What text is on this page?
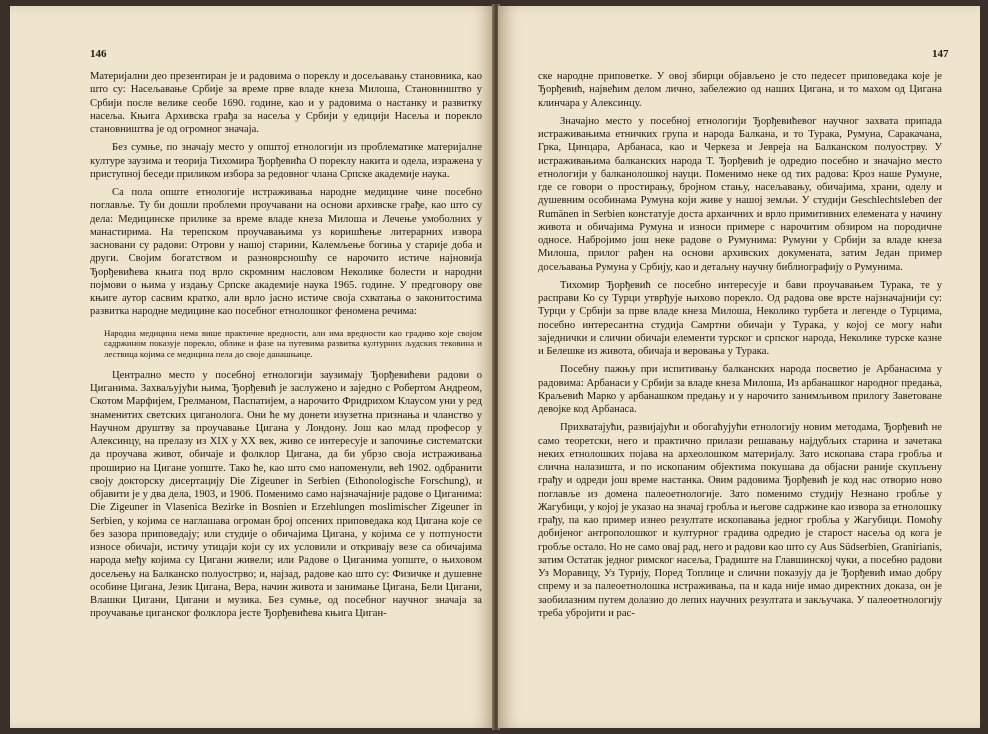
146

Материјални део презентиран је и радовима о пореклу и досељавању становника, као што су: Насељавање Србије за време прве владе кнеза Милоша, Становништво у Србији после велике сеобе 1690. године, као и у радовима о настанку и развитку насеља. Књига Архивска грађа за насеља у Србији у едицији Насеља и порекло становништва је од огромног значаја.

Без сумње, по значају место у општој етнологији из проблематике материјалне културе заузима и теорија Тихомира Ђорђевића О пореклу накита и одела, изражена у приступној беседи приликом избора за редовног члана Српске академије наука.

Са пола опште етнологије истраживања народне медицине чине посебно поглавље. Ту би дошли проблеми проучавани на основи архивске грађе, као што су дела: Медицинске прилике за време владе кнеза Милоша и Лечење умоболних у манастирима. На терепском проучавањима уз коришћење литерарних извора засновани су радови: Отрови у нашој старини, Калемљење богиња у старије доба и други. Својим богатством и разноврсношћу се нарочито истиче најновија Ђорђевићева књига под врло скромним насловом Неколике болести и народни појмови о њима у издању Српске академије наука 1965. године. У предговору ове књиге аутор сасвим кратко, али врло јасно истиче своја схватања о законитостима развитка народне медицине као посебног етнолошког феномена речима:

Народна медицина нема више практичне вредности, али има вредности као градиво које својом садржином показује порекло, облике и фазе на путевима развитка културних људских тековина и лествица којима се медицина пела до своје данашњице.

Централно место у посебној етнологији заузимају Ђорђевићеви радови о Циганима. Захваљујући њима, Ђорђевић је заслужено и заједно с Робертом Андреом, Скотом Марфијем, Грелманом, Паспатијем, а нарочито Фридрихом Клаусом уни у ред знаменитих светских циганолога. Они ће му донети изузетна признања и чланство у Научном друштву за проучавање Цигана у Лондону. Још као млад професор у Алексинцу, на прелазу из XIX у XX век, живо се интересује и започиње систематски да проучава живот, обичаје и фолклор Цигана, да би убрзо своја истраживања проширио на Цигане уопште. Тако ће, као што смо напоменули, већ 1902. одбранити своју докторску дисертацију Die Zigeuner in Serbien (Ethonologische Forschung), и објавити је у два дела, 1903, и 1906. Поменимо само најзначајније радове о Циганима: Die Zigeuner in Vlasenica Bezirke in Bosnien и Erzehlungen moslimischer Zigeuner in Serbien, у којима се наглашава огроман број опсених приповедака код Цигана које се без зазора приповедају; или студије о обичајима Цигана, у којима се у потпуности износе обичаји, истичу утицаји који су их условили и откривају везе са обичајима народа међу којима су Цигани живели; или Радове о Циганима уопште, о њиховом досељењу на Балканско полуострво; и, најзад, радове као што су: Физичке и душевне особине Цигана, Језик Цигана, Вера, начин живота и занимање Цигана, Бели Цигани, Влашки Цигани, Цигани и музика. Без сумње, од посебног научног значаја за проучавање циганског фолклора јесте Ђорђевићева књига Циган-

147

ске народне приповетке. У овој збирци објављено је сто педесет приповедака које је Ђорђевић, највећим делом лично, забележио од наших Цигана, и то махом од Цигана клинчара у Алексинцу.

Значајно место у посебној етнологији Ђорђевићевог научног захвата припада истраживањима етничких група и народа Балкана, и то Турака, Румуна, Саракачана, Грка, Цинцара, Арбанаса, као и Черкеза и Јевреја на Балканском полуострву. У истраживањима балканских народа Т. Ђорђевић је одредио посебно и значајно место етнологији у балканолошкој науци. Поменимо неке од тих радова: Кроз наше Румуне, где се говори о простирању, бројном стању, насељавању, обичајима, храни, оделу и душевним особинама Румуна који живе у нашој земљи. У студији Geschlechtsleben der Rumänen in Serbien констатује доста архаичних и врло примитивних елемената у начину живота и обичајима Румуна и износи примере с нарочитим обзиром на породичне односе. Набројимо још неке радове о Румунима: Румуни у Србији за владе кнеза Милоша, прилог рађен на основи архивских докумената, затим Један пример досељавања Румуна у Србију, као и детаљну научну библиографију о Румунима.

Тихомир Ђорђевић се посебно интересује и бави проучавањем Турака, те у расправи Ко су Турци утврђује њихово порекло. Од радова ове врсте најзначајнији су: Турци у Србији за прве владе кнеза Милоша, Неколико турбета и легенде о Турцима, посебно интересантна студија Самртни обичаји у Турака, у којој се могу наћи заједнички и слични обичаји елементи турског и српског народа, Неколике турске казне и Белешке из живота, обичаја и веровања у Турака.

Посебну пажњу при испитивању балканских народа посветио је Арбанасима у радовима: Арбанаси у Србији за владе кнеза Милоша, Из арбанашког народног предања, Краљевић Марко у арбанашком предању и у нарочито занимљивом прилогу Заветоване девојке код Арбанаса.

Прихватајући, развијајући и обогаћујући етнологију новим методама, Ђорђевић не само теоретски, него и практично прилази решавању најдубљих старина и зачетака неких етнолошких појава на археолошком материјалу. Зато ископава стара гробља и слична налазишта, и по ископаним објектима покушава да објасни раније скупљену грађу и одреди још време настанка. Овим радовима Ђорђевић је код нас отворио ново поглавље из домена палеоетнологије. Зато поменимо студију Незнано гробље у Жагубици, у којој је указао на значај гробља и његове садржине као извора за етнолошку грађу, па као пример изнео резултате ископавања једног гробља у Жагубици. Помоћу добијеног антрополошког и културног градива одредио је старост насеља од кога је гробље остало. Но не само овај рад, него и радови као што су Aus Südserbien, Granirianis, затим Остатак једног римског насеља, Градиште на Главшинској чуки, а посебно радови Уз Моравицу, Уз Турију, Поред Топлице и слични показују да је Ђорђевић имао добру спрему и за палеоетнолошка истраживања, па и када није имао директних доказа, он је заобилазним путем долазио до лепих научних резултата и закључака. У палеоетнологију треба убројити и рас-
